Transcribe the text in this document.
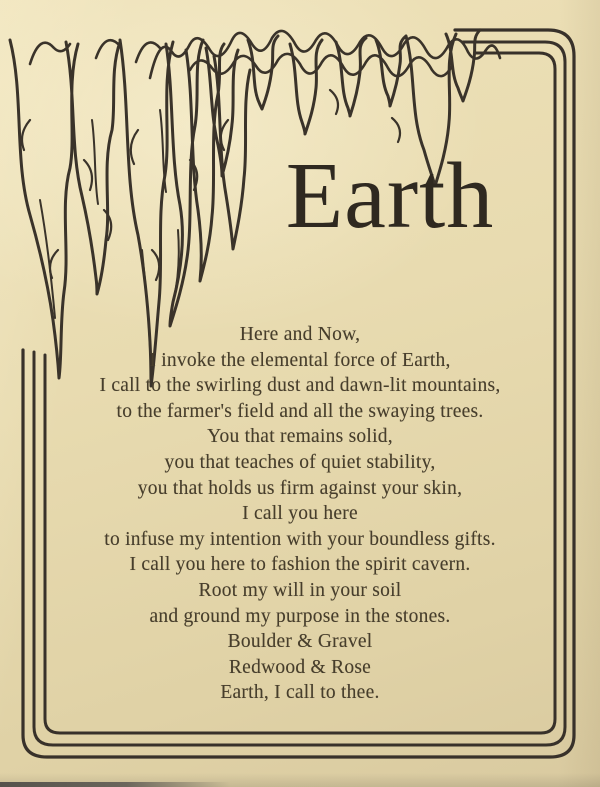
Earth
Here and Now,
I invoke the elemental force of Earth,
I call to the swirling dust and dawn-lit mountains,
to the farmer's field and all the swaying trees.
You that remains solid,
you that teaches of quiet stability,
you that holds us firm against your skin,
I call you here
to infuse my intention with your boundless gifts.
I call you here to fashion the spirit cavern.
Root my will in your soil
and ground my purpose in the stones.
Boulder & Gravel
Redwood & Rose
Earth, I call to thee.
